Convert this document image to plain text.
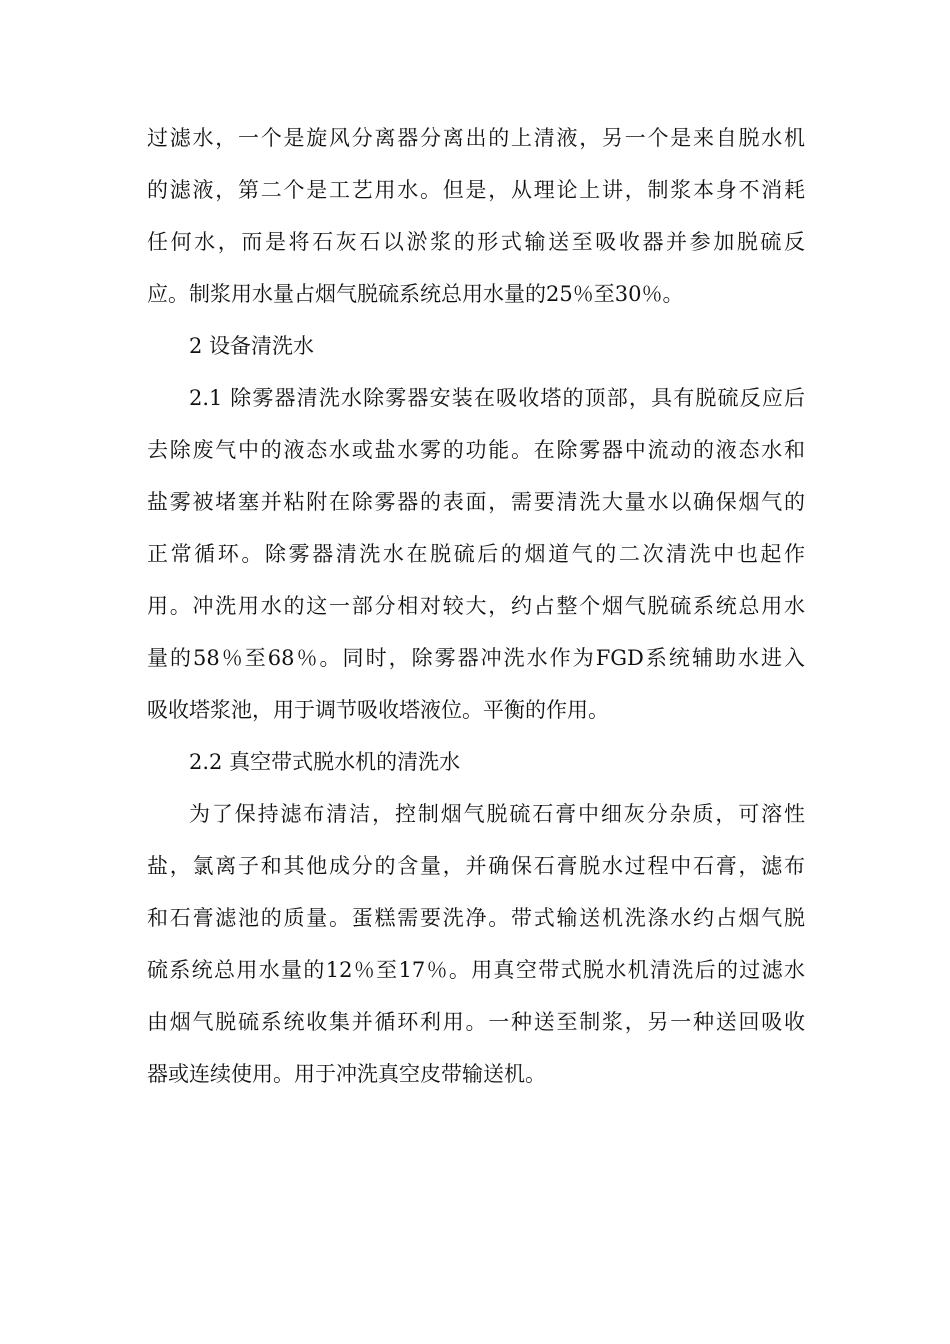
过滤水，一个是旋风分离器分离出的上清液，另一个是来自脱水机
的滤液，第二个是工艺用水。但是，从理论上讲，制浆本身不消耗
任何水，而是将石灰石以淤浆的形式输送至吸收器并参加脱硫反
应。制浆用水量占烟气脱硫系统总用水量的25％至30％。
2 设备清洗水
2.1 除雾器清洗水除雾器安装在吸收塔的顶部，具有脱硫反应后
去除废气中的液态水或盐水雾的功能。在除雾器中流动的液态水和
盐雾被堵塞并粘附在除雾器的表面，需要清洗大量水以确保烟气的
正常循环。除雾器清洗水在脱硫后的烟道气的二次清洗中也起作
用。冲洗用水的这一部分相对较大，约占整个烟气脱硫系统总用水
量的58％至68％。同时，除雾器冲洗水作为FGD系统辅助水进入
吸收塔浆池，用于调节吸收塔液位。平衡的作用。
2.2 真空带式脱水机的清洗水
为了保持滤布清洁，控制烟气脱硫石膏中细灰分杂质，可溶性
盐，氯离子和其他成分的含量，并确保石膏脱水过程中石膏，滤布
和石膏滤池的质量。蛋糕需要洗净。带式输送机洗涤水约占烟气脱
硫系统总用水量的12％至17％。用真空带式脱水机清洗后的过滤水
由烟气脱硫系统收集并循环利用。一种送至制浆，另一种送回吸收
器或连续使用。用于冲洗真空皮带输送机。
